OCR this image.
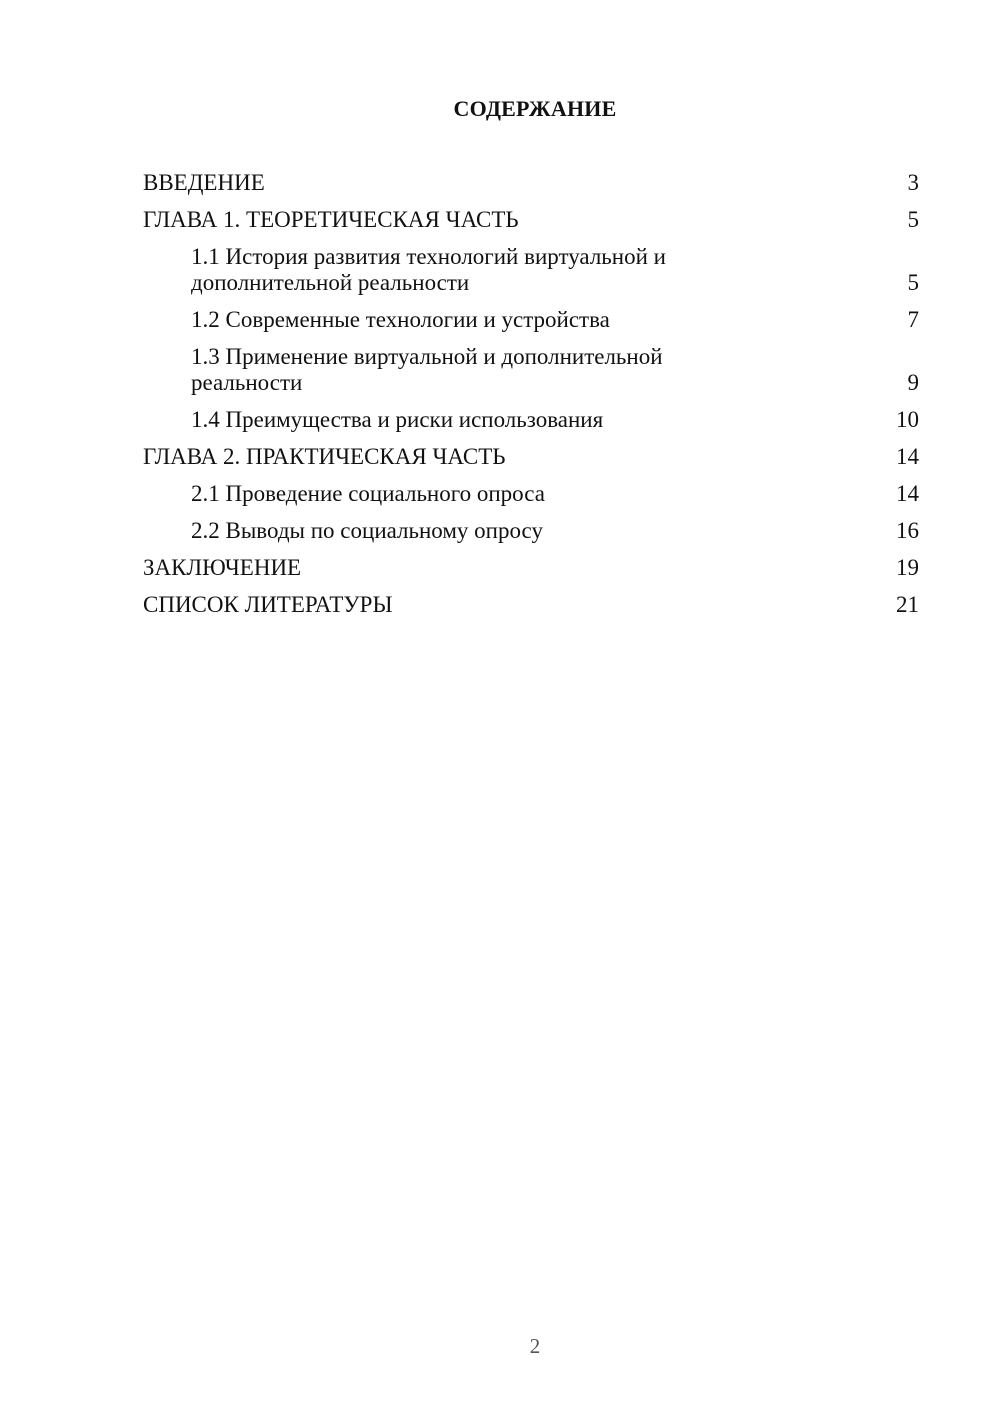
СОДЕРЖАНИЕ
ВВЕДЕНИЕ	3
ГЛАВА 1. ТЕОРЕТИЧЕСКАЯ ЧАСТЬ	5
1.1 История развития технологий виртуальной и дополнительной реальности	5
1.2 Современные технологии и устройства	7
1.3 Применение виртуальной и дополнительной реальности	9
1.4 Преимущества и риски использования	10
ГЛАВА 2. ПРАКТИЧЕСКАЯ ЧАСТЬ	14
2.1 Проведение социального опроса	14
2.2 Выводы по социальному опросу	16
ЗАКЛЮЧЕНИЕ	19
СПИСОК ЛИТЕРАТУРЫ	21
2
